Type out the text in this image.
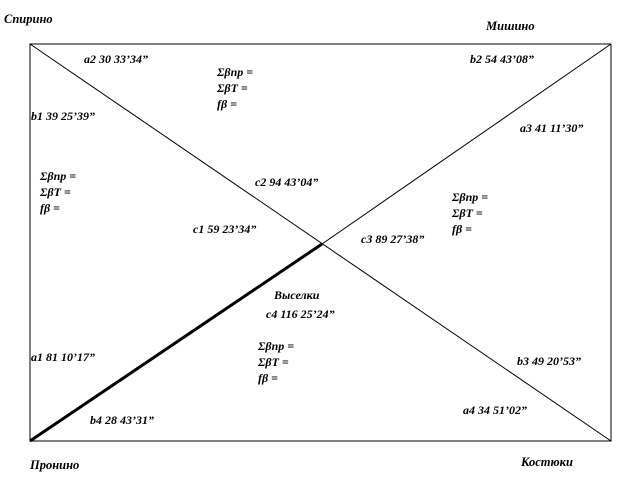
Спирино	Мишино
Пронино	Костюки
Выселки
a2 30 33’34”	b2 54 43’08”
b1 39 25’39”
a3 41 11’30”
c2 94 43’04”
c1 59 23’34”
c3 89 27’38”
c4 116 25’24”
a1 81 10’17”	b3 49 20’53”
a4 34 51’02”
b4 28 43’31”
Σβпр =
ΣβТ =
fβ =
Σβпр =
ΣβТ =
fβ =
Σβпр =
ΣβТ =
fβ =
Σβпр =
ΣβТ =
fβ =
